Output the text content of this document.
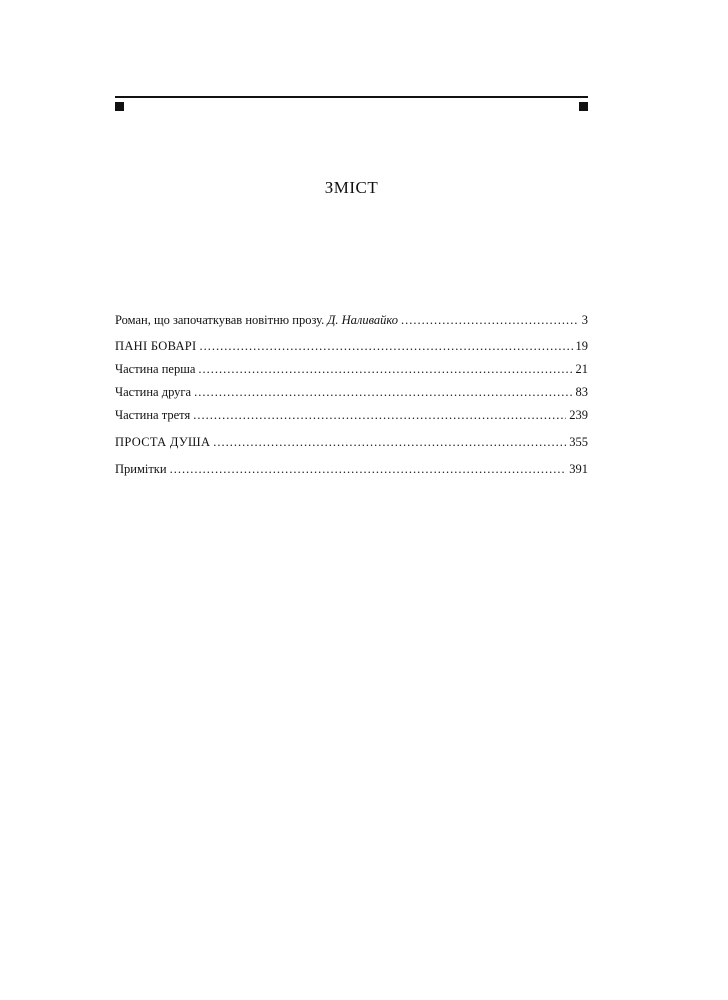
ЗМІСТ
Роман, що започаткував новітню прозу. Д. Наливайко .....	3
ПАНІ БОВАРІ .....	19
Частина перша .....	21
Частина друга .....	83
Частина третя .....	239
ПРОСТА ДУША .....	355
Примітки .....	391
